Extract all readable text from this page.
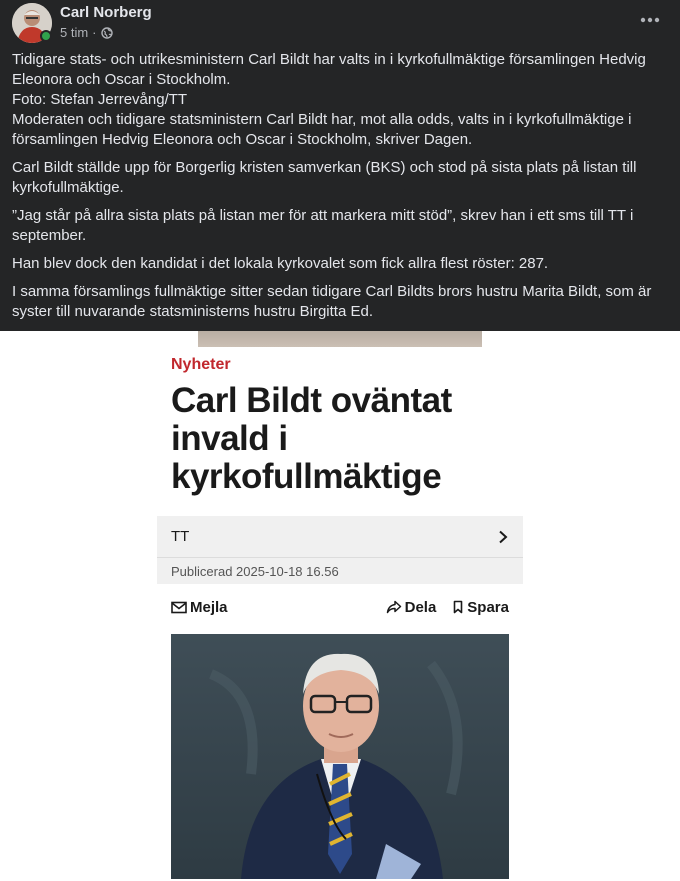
Carl Norberg
5 tim ·

Tidigare stats- och utrikesministern Carl Bildt har valts in i kyrkofullmäktige församlingen Hedvig
Eleonora och Oscar i Stockholm.
Foto: Stefan Jerrevång/TT
Moderaten och tidigare statsministern Carl Bildt har, mot alla odds, valts in i kyrkofullmäktige i
församlingen Hedvig Eleonora och Oscar i Stockholm, skriver Dagen.

Carl Bildt ställde upp för Borgerlig kristen samverkan (BKS) och stod på sista plats på listan till
kyrkofullmäktige.

”Jag står på allra sista plats på listan mer för att markera mitt stöd”, skrev han i ett sms till TT i
september.

Han blev dock den kandidat i det lokala kyrkovalet som fick allra flest röster: 287.

I samma församlings fullmäktige sitter sedan tidigare Carl Bildts brors hustru Marita Bildt, som är
syster till nuvarande statsministerns hustru Birgitta Ed.

Nyheter
Carl Bildt oväntat
invald i
kyrkofullmäktige
TT
Publicerad 2025-10-18 16.56
Mejla	Dela Spara
